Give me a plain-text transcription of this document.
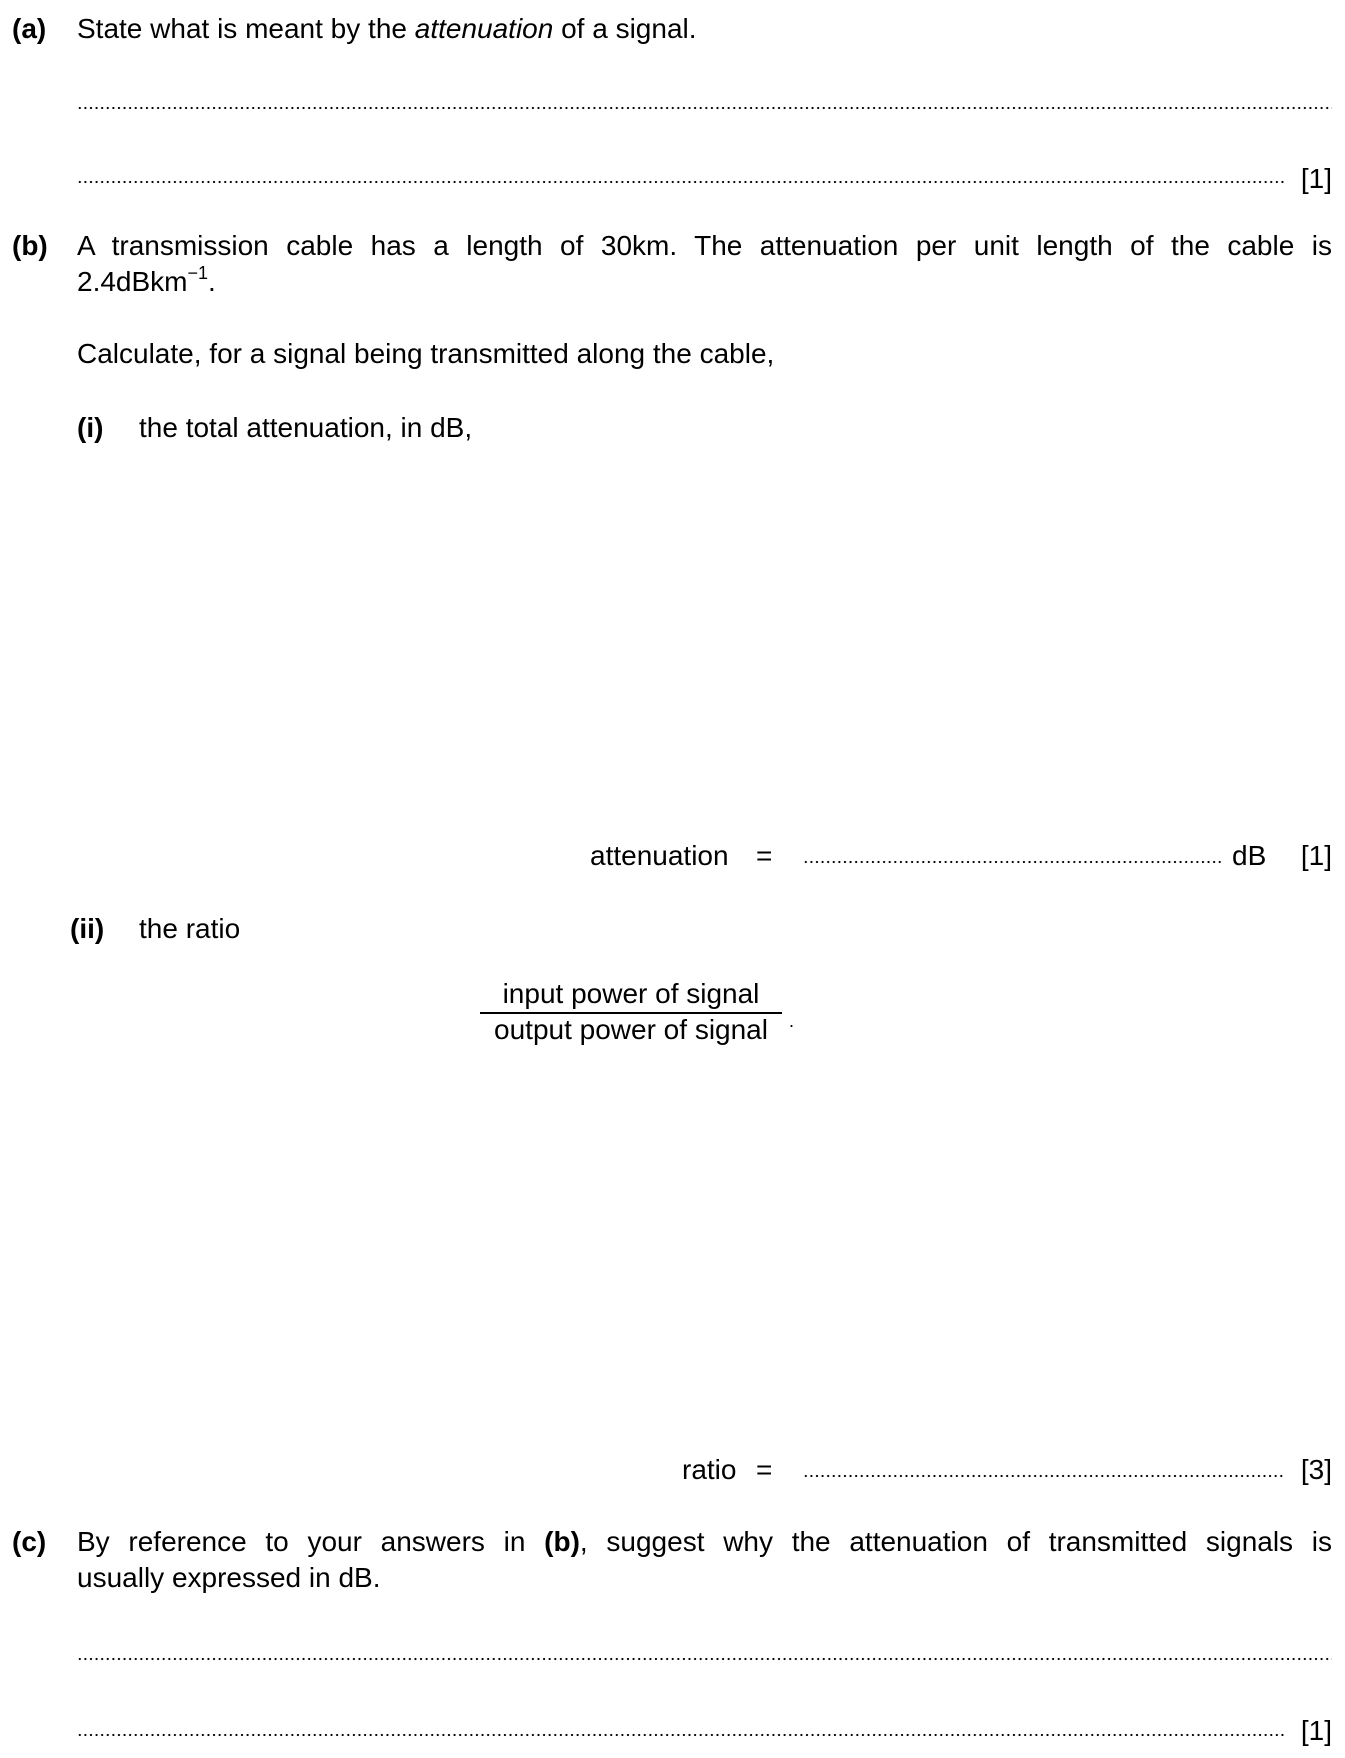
(a) State what is meant by the attenuation of a signal.
[1]
(b) A transmission cable has a length of 30km. The attenuation per unit length of the cable is
2.4dBkm$^{-1}$.
Calculate, for a signal being transmitted along the cable,
(i) the total attenuation, in dB,
attenuation =	dB [1]
(ii) the ratio
input power of signal
output power of signal	.
ratio =	[3]
(c) By reference to your answers in (b), suggest why the attenuation of transmitted signals is
usually expressed in dB.
[1]
